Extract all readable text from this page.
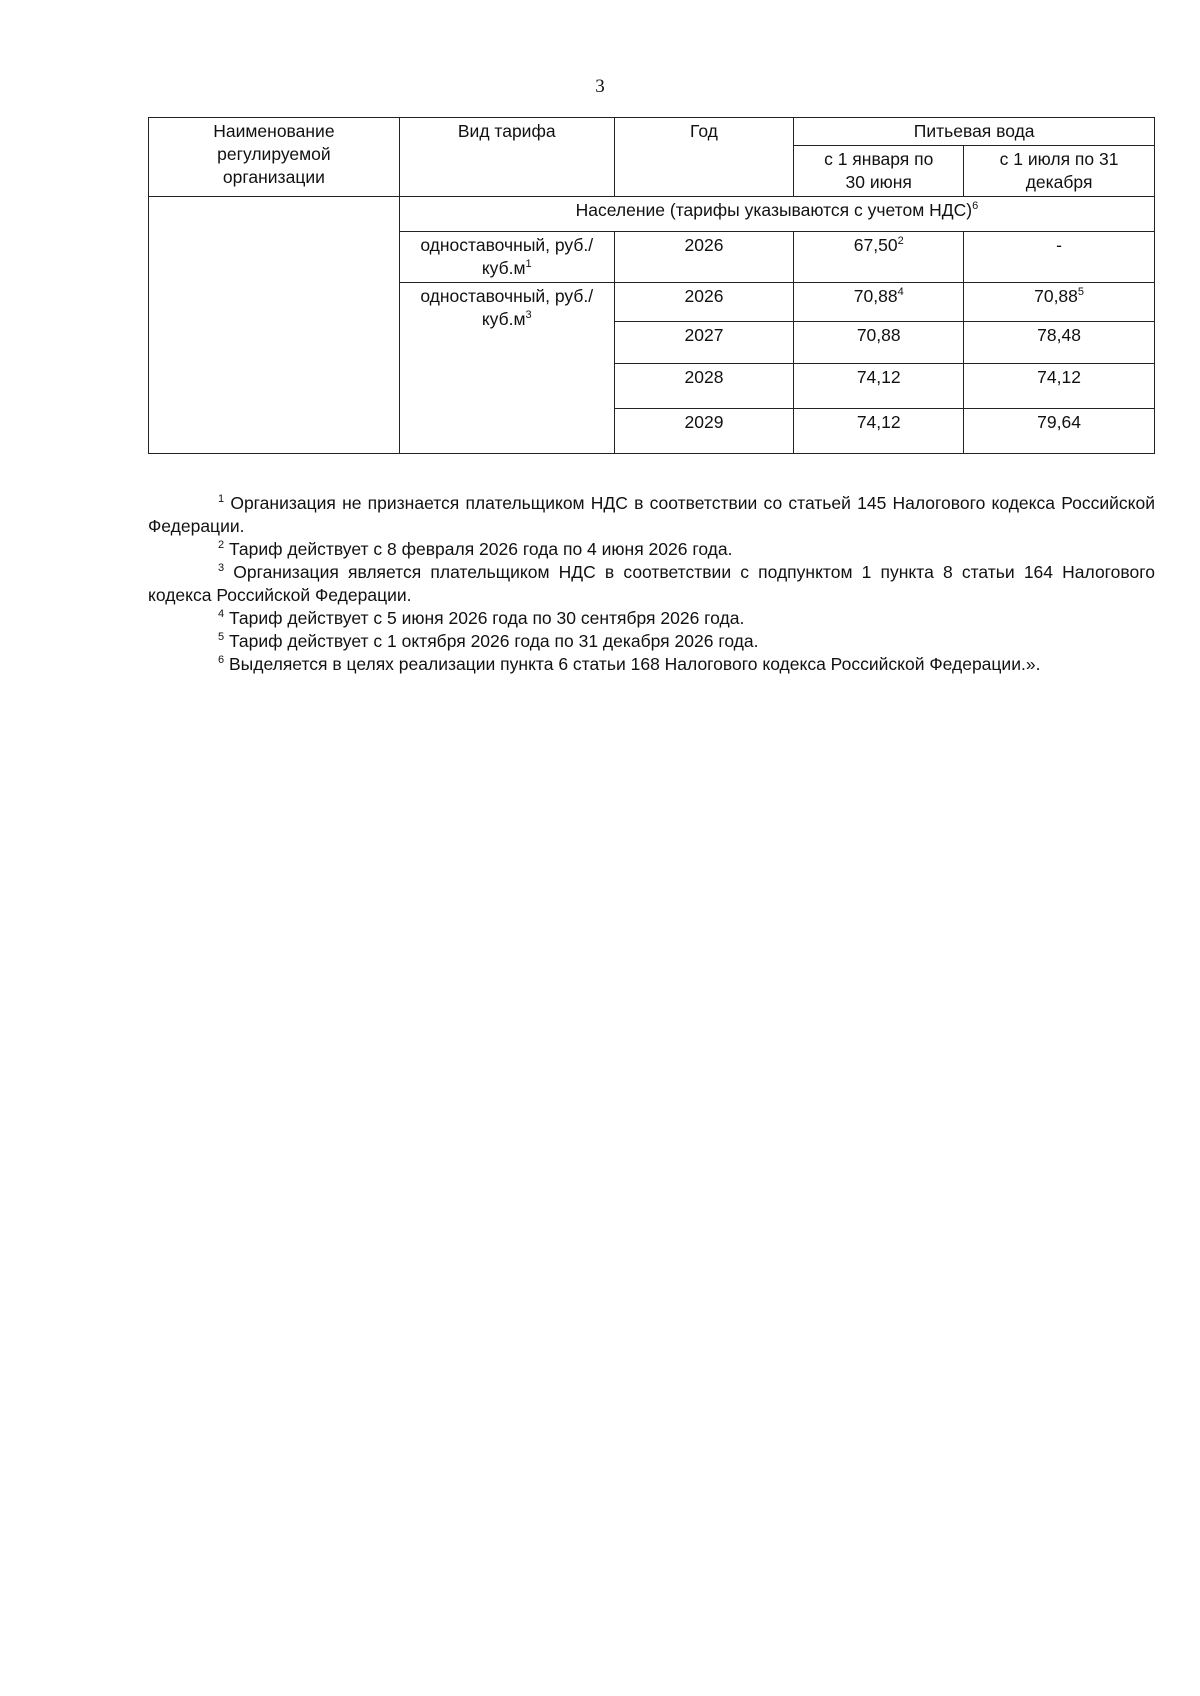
3
Наименование регулируемой организации	Вид тарифа	Год	Питьевая вода	
			с 1 января по 30 июня	с 1 июля по 31 декабря
	Население (тарифы указываются с учетом НДС)$^6$
	одноставочный, $руб./куб.м^1$	2026	67,50$^2$	-
	одноставочный, $руб./куб.м^3$	2026	70,88$^4$	70,88$^5$
		2027	70,88	78,48
		2028	74,12	74,12
		2029	74,12	79,64

$^1$ Организация не признается плательщиком НДС в соответствии со статьей 145 Налогового кодекса Российской Федерации.

$^2$ Тариф действует с 8 февраля 2026 года по 4 июня 2026 года.

$^3$ Организация является плательщиком НДС в соответствии с подпунктом 1 пункта 8 статьи 164 Налогового кодекса Российской Федерации.

$^4$ Тариф действует с 5 июня 2026 года по 30 сентября 2026 года.

$^5$ Тариф действует с 1 октября 2026 года по 31 декабря 2026 года.

$^6$ Выделяется в целях реализации пункта 6 статьи 168 Налогового кодекса Российской Федерации.».
